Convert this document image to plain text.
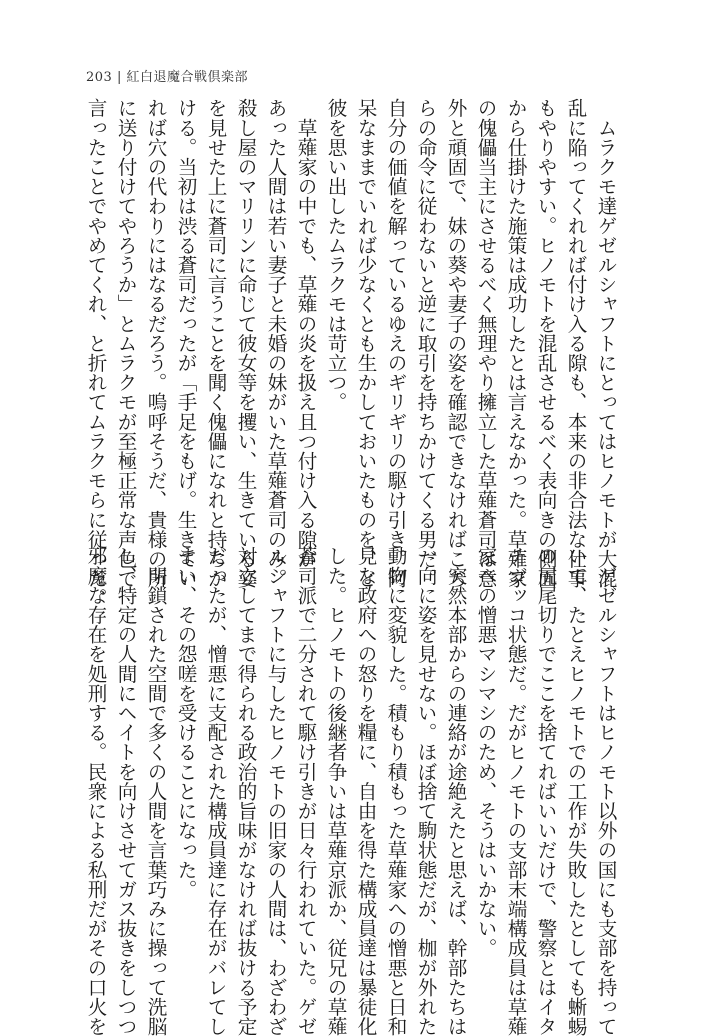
203 | 紅白退魔合戦倶楽部
　ムラクモ達ゲゼルシャフトにとってはヒノモトが大混
乱に陥ってくれれば付け入る隙も、本来の非合法な仕事
もやりやすい。ヒノモトを混乱させるべく表向きの側面
から仕掛けた施策は成功したとは言えなかった。草薙家
の傀儡当主にさせるべく無理やり擁立した草薙蒼司は意
外と頑固で、妹の葵や妻子の姿を確認できなければこち
らの命令に従わないと逆に取引を持ちかけてくる男だ。
自分の価値を解っているゆえのギリギリの駆け引き。阿
呆なままでいれば少なくとも生かしておいたものを、と
彼を思い出したムラクモは苛立つ。
　草薙家の中でも、草薙の炎を扱え且つ付け入る隙が
あった人間は若い妻子と未婚の妹がいた草薙蒼司のみ。
殺し屋のマリリンに命じて彼女等を攫い、生きている姿
を見せた上に蒼司に言うことを聞く傀儡になれと持ちか
ける。当初は渋る蒼司だったが「手足をもげ。生きてい
れば穴の代わりにはなるだろう。嗚呼そうだ、貴様の所
に送り付けてやろうか」とムラクモが至極正常な声色で
言ったことでやめてくれ、と折れてムラクモらに従った。
　ゲゼルシャフトはヒノモト以外の国にも支部を持って
いて、たとえヒノモトでの工作が失敗したとしても蜥蜴
の尻尾切りでここを捨てればいいだけで、警察とはイタ
チゴッコ状態だ。だがヒノモトの支部末端構成員は草薙
家への憎悪マシマシのため、そうはいかない。
　突然本部からの連絡が途絶えたと思えば、幹部たちは
一向に姿を見せない。ほぼ捨て駒状態だが、枷が外れた
動物に変貌した。積もり積もった草薙家への憎悪と日和
見な政府への怒りを糧に、自由を得た構成員達は暴徒化
した。ヒノモトの後継者争いは草薙京派か、従兄の草薙
蒼司派で二分されて駆け引きが日々行われていた。ゲゼ
ルシャフトに与したヒノモトの旧家の人間は、わざわざ
対立してまで得られる政治的旨味がなければ抜ける予定
だったが、憎悪に支配された構成員達に存在がバレてし
まい、その怨嗟を受けることになった。
　閉鎖された空間で多くの人間を言葉巧みに操って洗脳
し、特定の人間にヘイトを向けさせてガス抜きをしつつ
邪魔な存在を処刑する。民衆による私刑だがその口火を
